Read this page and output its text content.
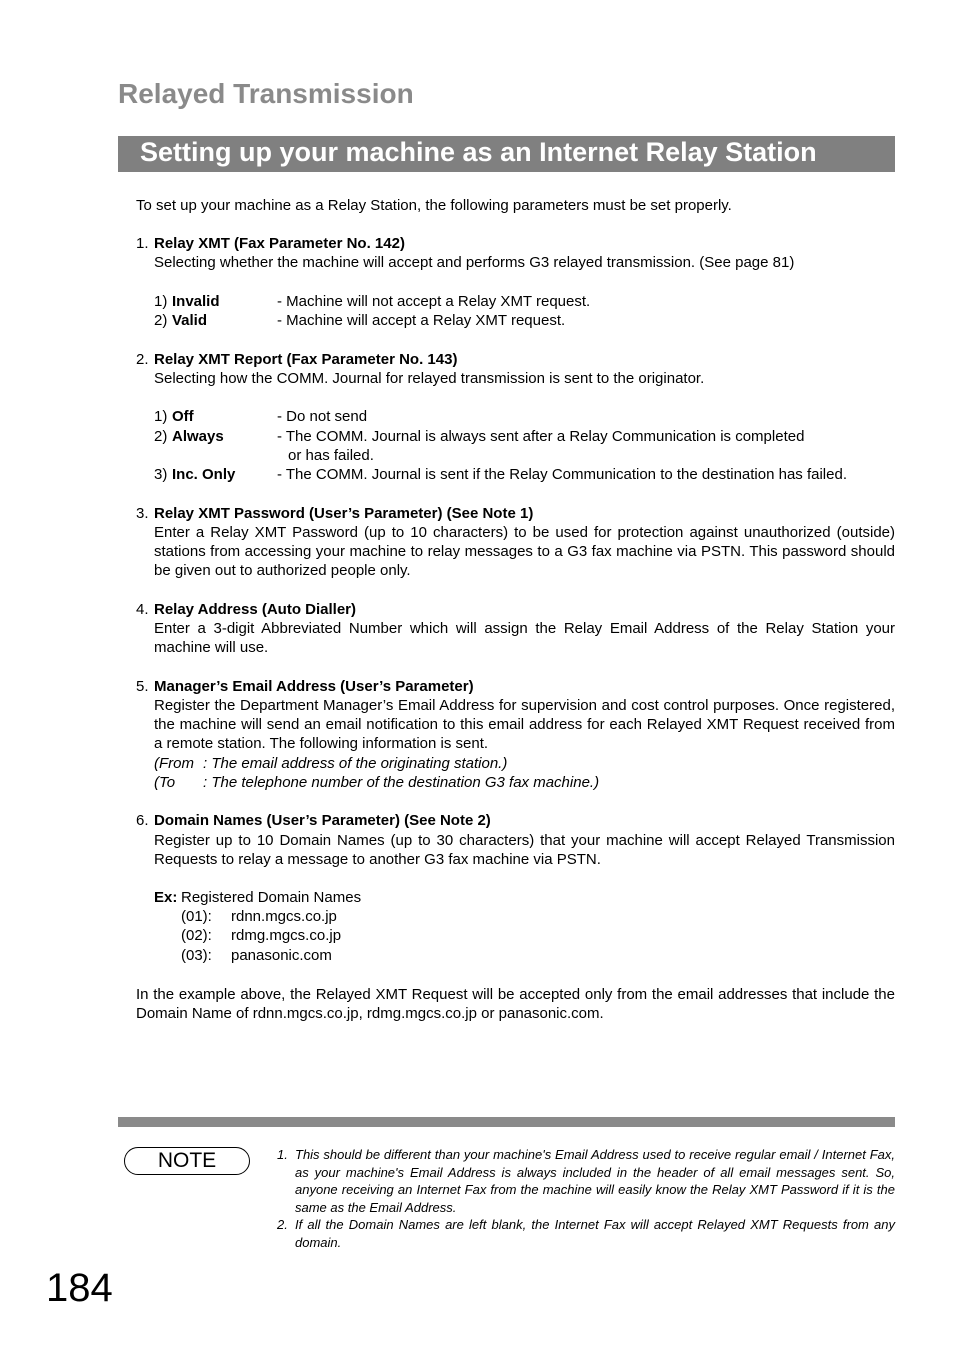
Relayed Transmission
Setting up your machine as an Internet Relay Station
To set up your machine as a Relay Station, the following parameters must be set properly.
1. Relay XMT (Fax Parameter No. 142)
Selecting whether the machine will accept and performs G3 relayed transmission. (See page 81)
1) Invalid	- Machine will not accept a Relay XMT request.
2) Valid	- Machine will accept a Relay XMT request.
2. Relay XMT Report (Fax Parameter No. 143)
Selecting how the COMM. Journal for relayed transmission is sent to the originator.
1) Off	- Do not send
2) Always	- The COMM. Journal is always sent after a Relay Communication is completed
or has failed.
3) Inc. Only	- The COMM. Journal is sent if the Relay Communication to the destination has failed.
3. Relay XMT Password (User’s Parameter) (See Note 1)
Enter a Relay XMT Password (up to 10 characters) to be used for protection against unauthorized (outside) stations from accessing your machine to relay messages to a G3 fax machine via PSTN. This password should be given out to authorized people only.
4. Relay Address (Auto Dialler)
Enter a 3-digit Abbreviated Number which will assign the Relay Email Address of the Relay Station your machine will use.
5. Manager’s Email Address (User’s Parameter)
Register the Department Manager’s Email Address for supervision and cost control purposes. Once registered, the machine will send an email notification to this email address for each Relayed XMT Request received from a remote station. The following information is sent.
(From : The email address of the originating station.)
(To : The telephone number of the destination G3 fax machine.)
6. Domain Names (User’s Parameter) (See Note 2)
Register up to 10 Domain Names (up to 30 characters) that your machine will accept Relayed Transmission Requests to relay a message to another G3 fax machine via PSTN.
Ex: Registered Domain Names
(01): rdnn.mgcs.co.jp
(02): rdmg.mgcs.co.jp
(03): panasonic.com
In the example above, the Relayed XMT Request will be accepted only from the email addresses that include the Domain Name of rdnn.mgcs.co.jp, rdmg.mgcs.co.jp or panasonic.com.
NOTE	1. This should be different than your machine's Email Address used to receive regular email / Internet Fax, as your machine's Email Address is always included in the header of all email messages sent. So, anyone receiving an Internet Fax from the machine will easily know the Relay XMT Password if it is the same as the Email Address.
2. If all the Domain Names are left blank, the Internet Fax will accept Relayed XMT Requests from any domain.
184
